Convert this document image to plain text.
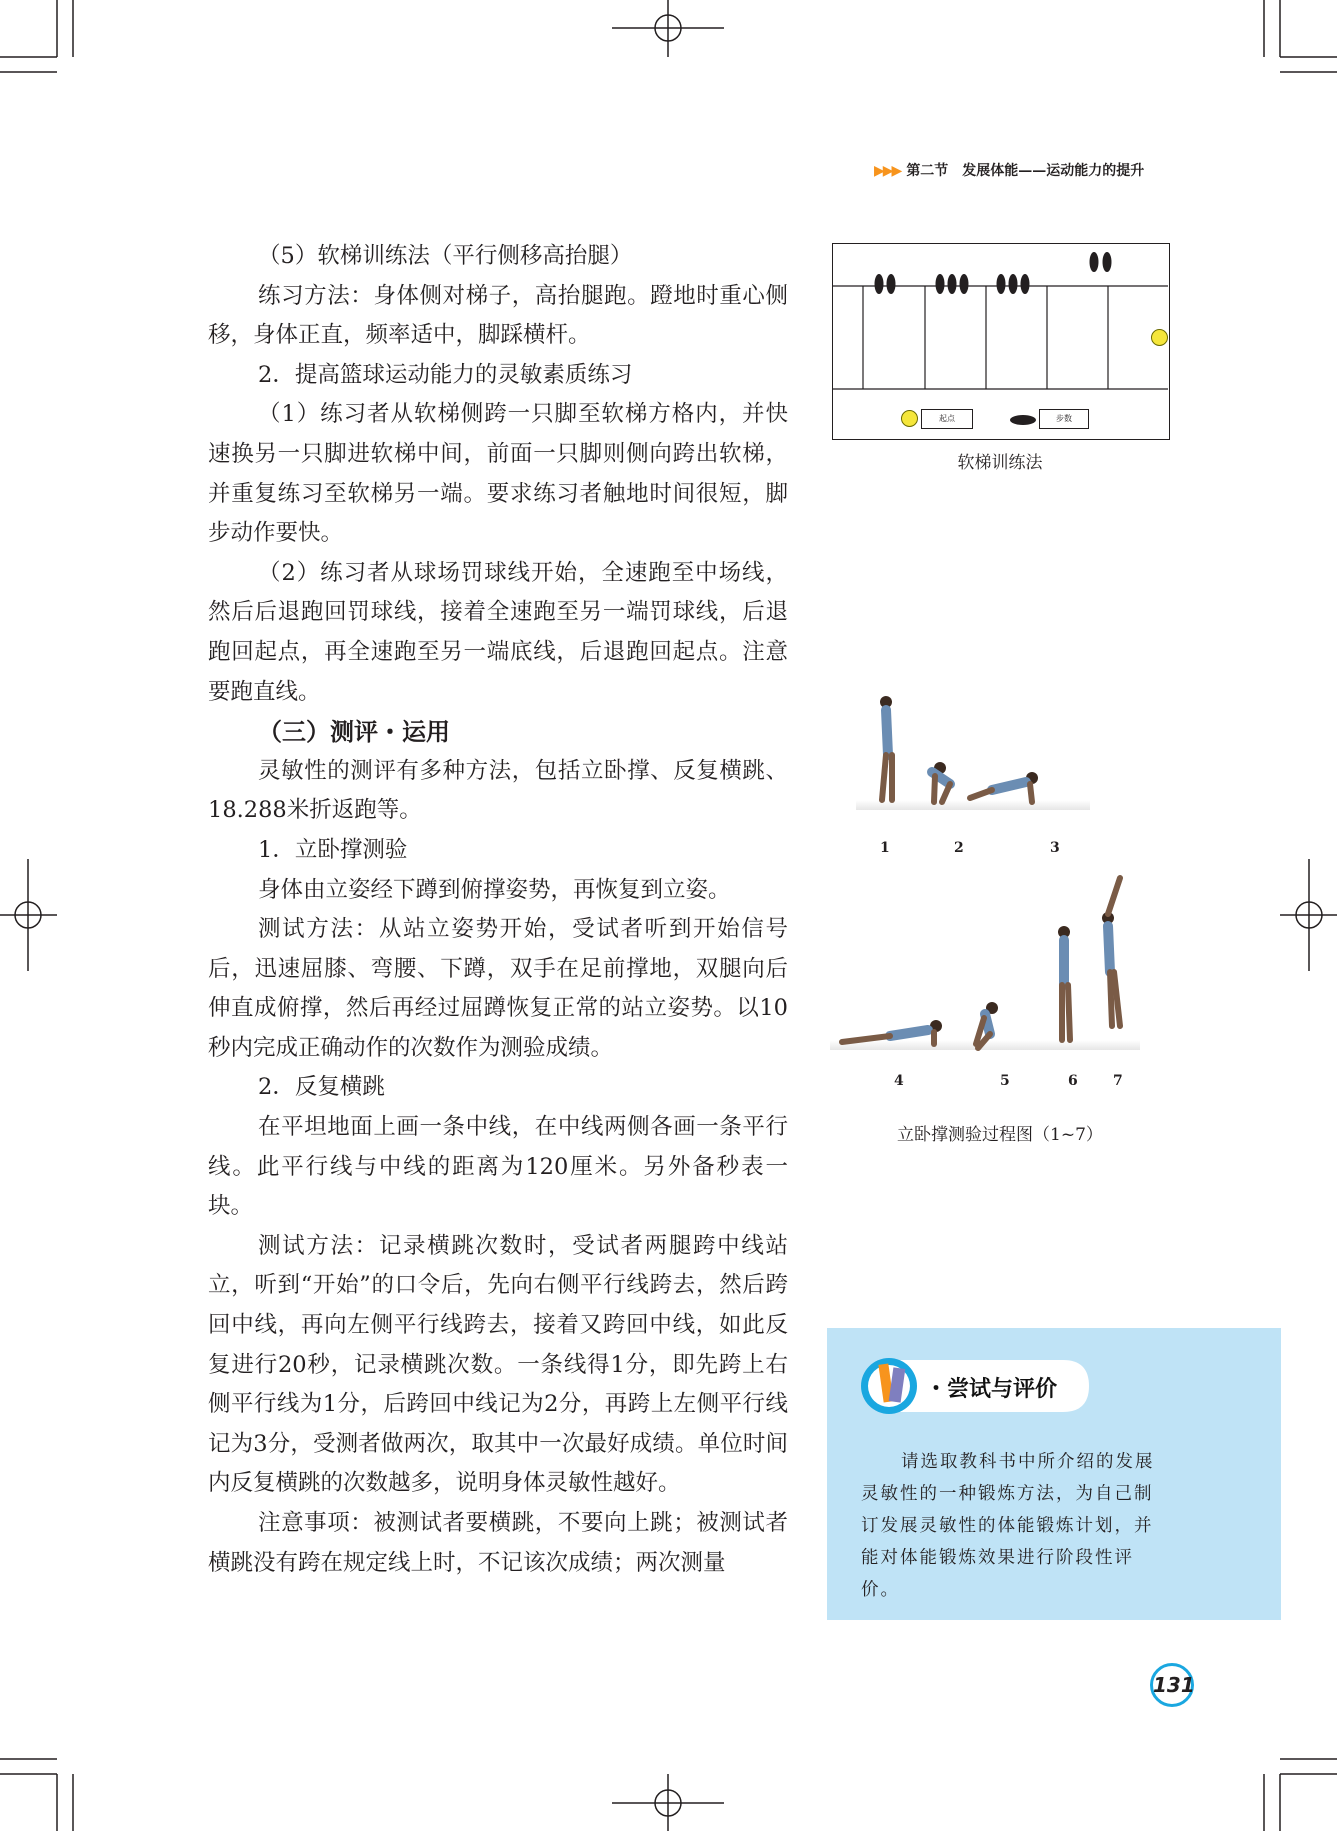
▶▶▶ 第二节　发展体能——运动能力的提升

（5）软梯训练法（平行侧移高抬腿）

练习方法：身体侧对梯子，高抬腿跑。蹬地时重心侧移，身体正直，频率适中，脚踩横杆。

2．提高篮球运动能力的灵敏素质练习

（1）练习者从软梯侧跨一只脚至软梯方格内，并快速换另一只脚进软梯中间，前面一只脚则侧向跨出软梯，并重复练习至软梯另一端。要求练习者触地时间很短，脚步动作要快。

（2）练习者从球场罚球线开始，全速跑至中场线，然后后退跑回罚球线，接着全速跑至另一端罚球线，后退跑回起点，再全速跑至另一端底线，后退跑回起点。注意要跑直线。

（三）测评・运用

灵敏性的测评有多种方法，包括立卧撑、反复横跳、18.288米折返跑等。

1．立卧撑测验

身体由立姿经下蹲到俯撑姿势，再恢复到立姿。

测试方法：从站立姿势开始，受试者听到开始信号后，迅速屈膝、弯腰、下蹲，双手在足前撑地，双腿向后伸直成俯撑，然后再经过屈蹲恢复正常的站立姿势。以10秒内完成正确动作的次数作为测验成绩。

2．反复横跳

在平坦地面上画一条中线，在中线两侧各画一条平行线。此平行线与中线的距离为120厘米。另外备秒表一块。

测试方法：记录横跳次数时，受试者两腿跨中线站立，听到“开始”的口令后，先向右侧平行线跨去，然后跨回中线，再向左侧平行线跨去，接着又跨回中线，如此反复进行20秒，记录横跳次数。一条线得1分，即先跨上右侧平行线为1分，后跨回中线记为2分，再跨上左侧平行线记为3分，受测者做两次，取其中一次最好成绩。单位时间内反复横跳的次数越多，说明身体灵敏性越好。

注意事项：被测试者要横跳，不要向上跳；被测试者横跳没有跨在规定线上时，不记该次成绩；两次测量

起点	步数
软梯训练法
1	2	3
4	5	6	7
立卧撑测验过程图（1~7）
・尝试与评价
请选取教科书中所介绍的发展灵敏性的一种锻炼方法，为自己制订发展灵敏性的体能锻炼计划，并能对体能锻炼效果进行阶段性评价。
131
